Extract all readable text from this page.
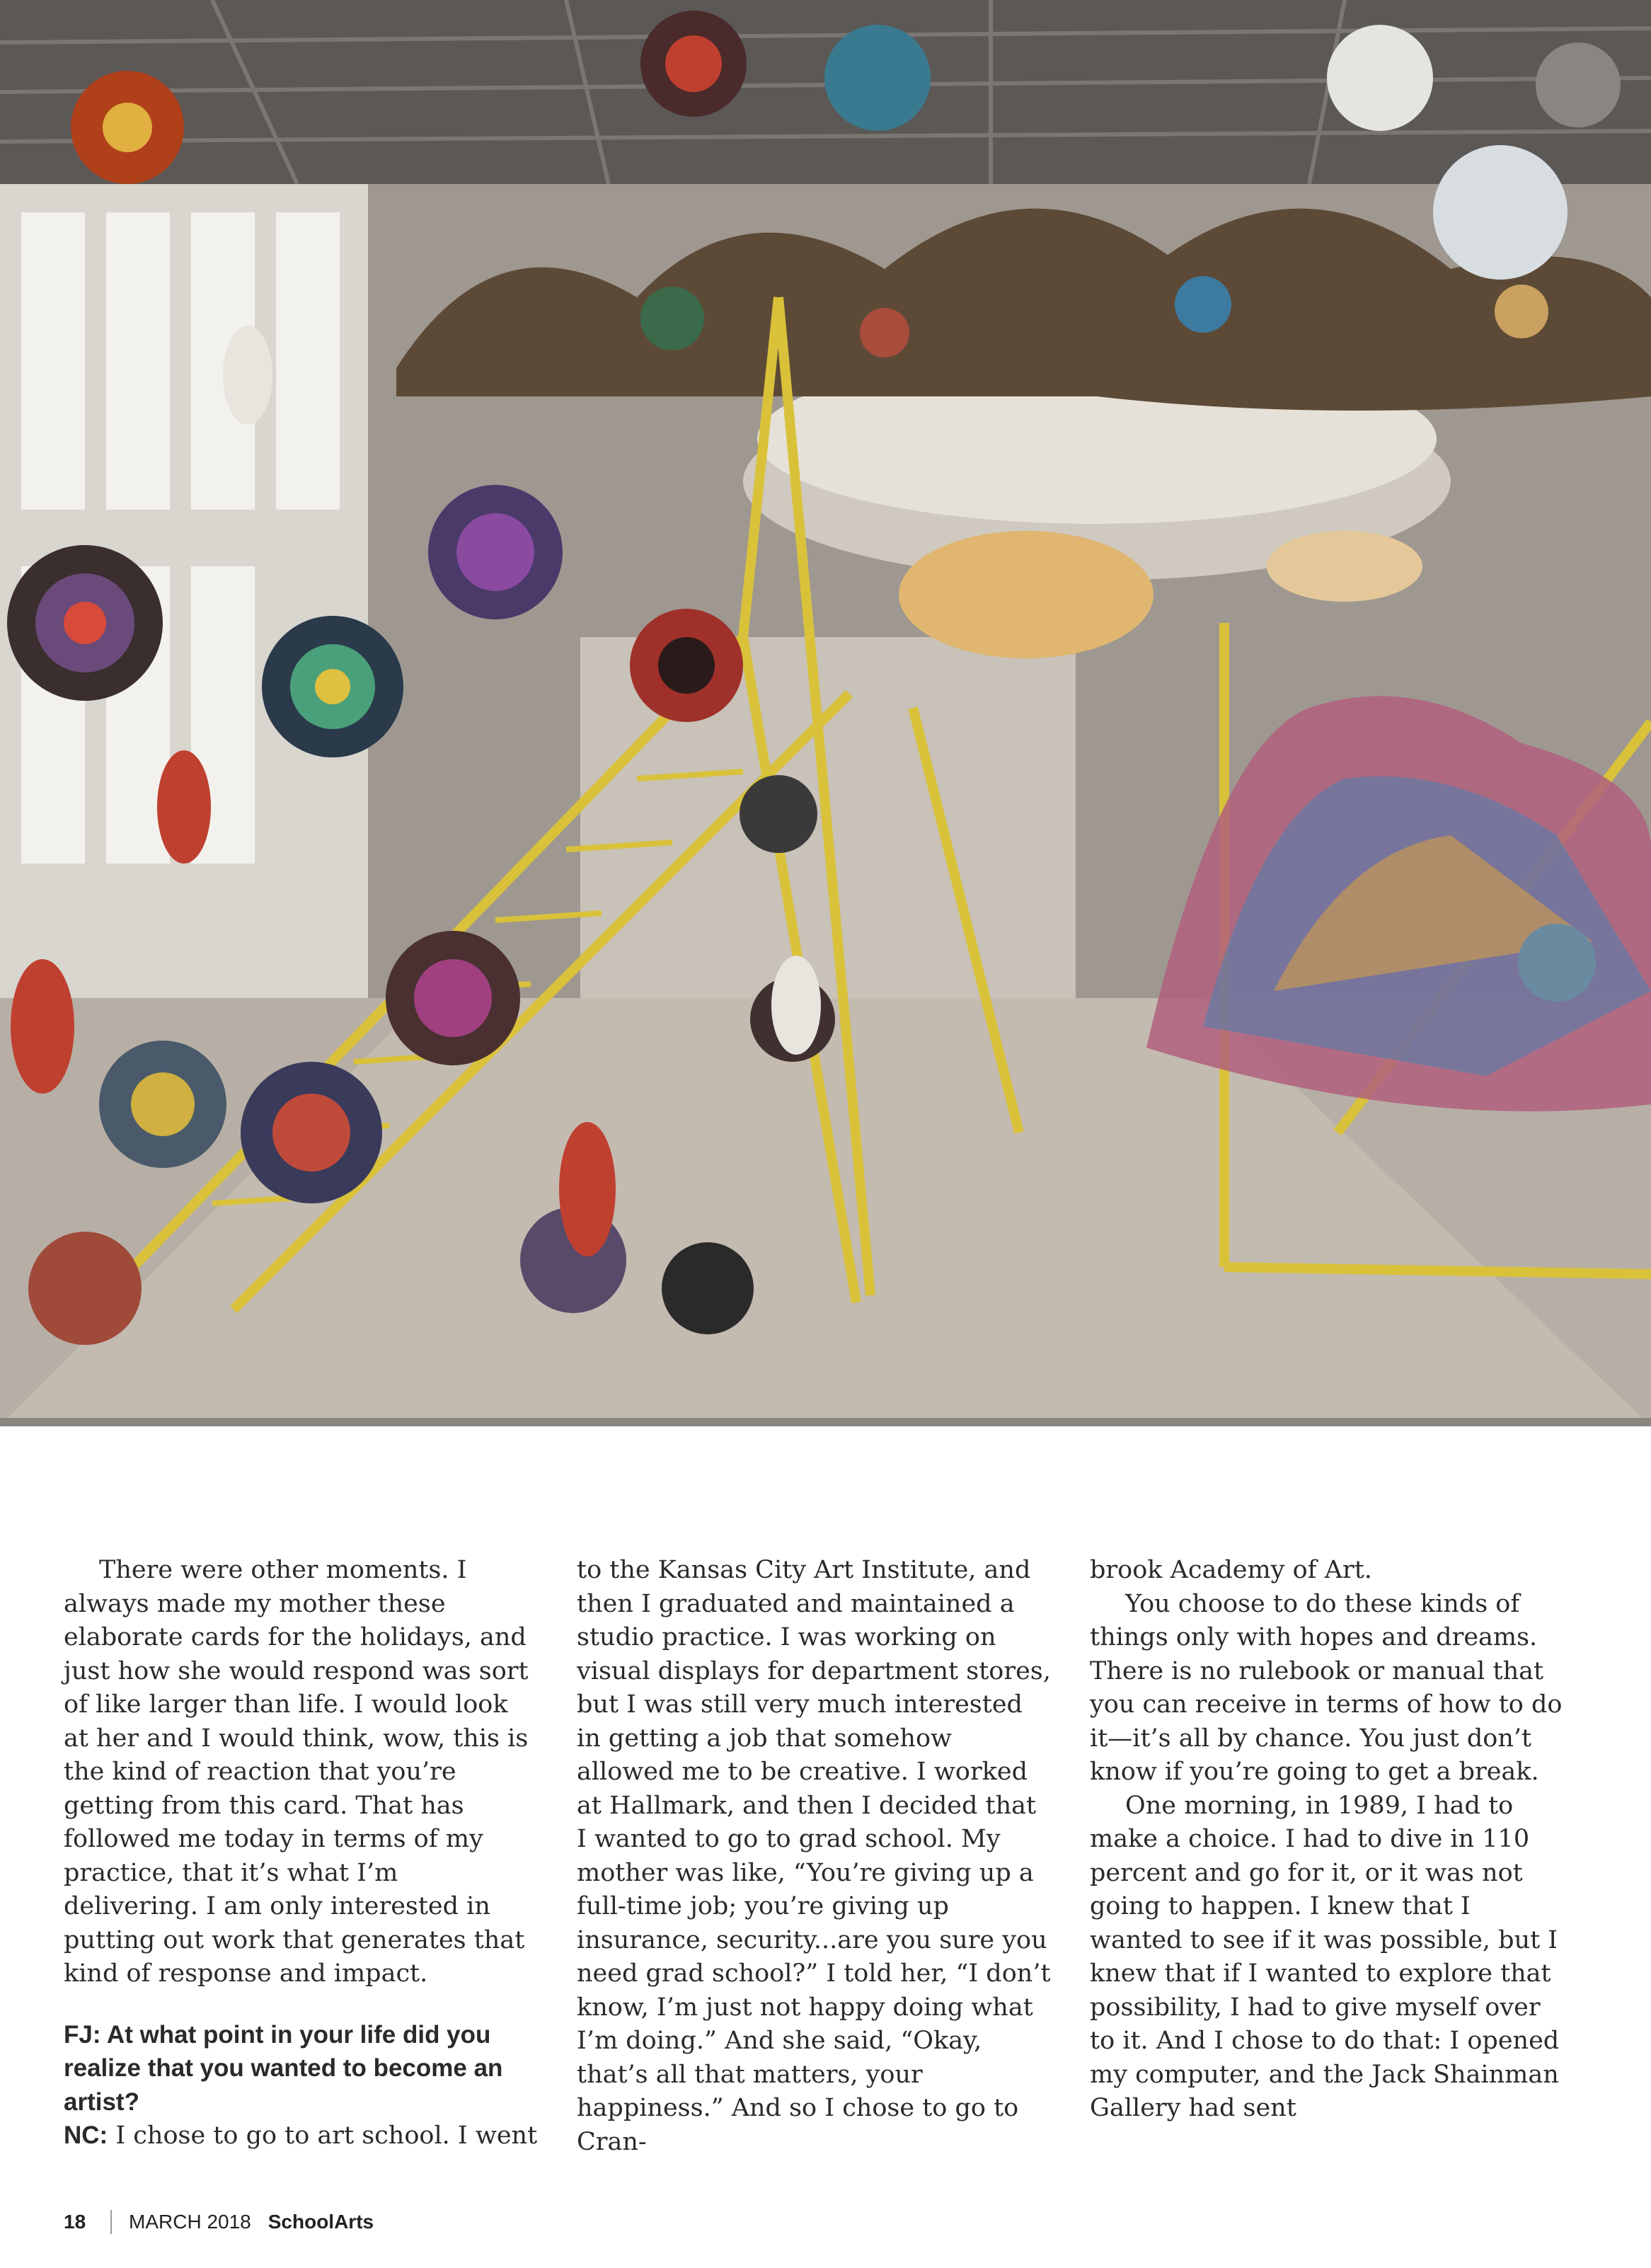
There were other moments. I always made my mother these elaborate cards for the holidays, and just how she would respond was sort of like larger than life. I would look at her and I would think, wow, this is the kind of reaction that you’re getting from this card. That has followed me today in terms of my practice, that it’s what I’m delivering. I am only interested in putting out work that generates that kind of response and impact.

FJ: At what point in your life did you realize that you wanted to become an artist?

NC: I chose to go to art school. I went

to the Kansas City Art Institute, and then I graduated and maintained a studio practice. I was working on visual displays for department stores, but I was still very much interested in getting a job that somehow allowed me to be creative. I worked at Hallmark, and then I decided that I wanted to go to grad school. My mother was like, “You’re giving up a full-time job; you’re giving up insurance, security...are you sure you need grad school?” I told her, “I don’t know, I’m just not happy doing what I’m doing.” And she said, “Okay, that’s all that matters, your happiness.” And so I chose to go to Cran-

brook Academy of Art.

You choose to do these kinds of things only with hopes and dreams. There is no rulebook or manual that you can receive in terms of how to do it—it’s all by chance. You just don’t know if you’re going to get a break.

One morning, in 1989, I had to make a choice. I had to dive in 110 percent and go for it, or it was not going to happen. I knew that I wanted to see if it was possible, but I knew that if I wanted to explore that possibility, I had to give myself over to it. And I chose to do that: I opened my computer, and the Jack Shainman Gallery had sent

18	MARCH 2018 SchoolArts
